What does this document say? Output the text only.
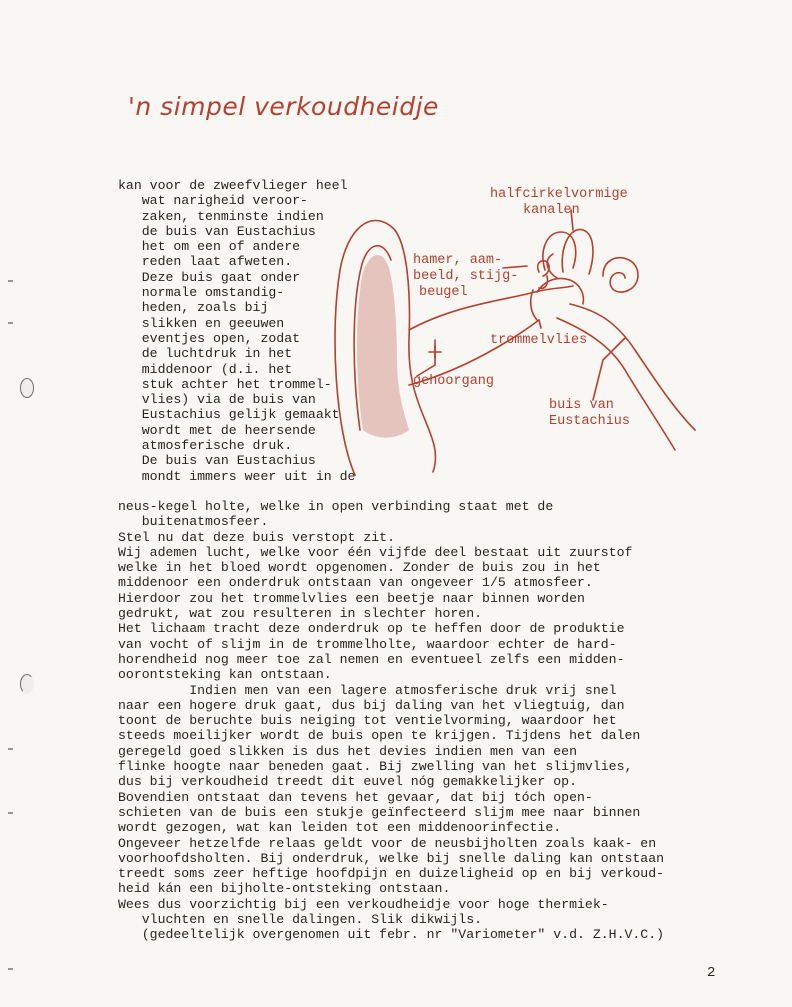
'n simpel verkoudheidje
halfcirkelvormige
kanalen
hamer, aam-
beeld, stijg-
beugel
trommelvlies
gehoorgang
buis van
Eustachius
kan voor de zweefvlieger heel
wat narigheid veroor-
zaken, tenminste indien
de buis van Eustachius
het om een of andere
reden laat afweten.
Deze buis gaat onder
normale omstandig-
heden, zoals bij
slikken en geeuwen
eventjes open, zodat
de luchtdruk in het
middenoor (d.i. het
stuk achter het trommel-
vlies) via de buis van
Eustachius gelijk gemaakt
wordt met de heersende
atmosferische druk.
De buis van Eustachius
mondt immers weer uit in de
neus-kegel holte, welke in open verbinding staat met de
buitenatmosfeer.
Stel nu dat deze buis verstopt zit.
Wij ademen lucht, welke voor één vijfde deel bestaat uit zuurstof
welke in het bloed wordt opgenomen. Zonder de buis zou in het
middenoor een onderdruk ontstaan van ongeveer 1/5 atmosfeer.
Hierdoor zou het trommelvlies een beetje naar binnen worden
gedrukt, wat zou resulteren in slechter horen.
Het lichaam tracht deze onderdruk op te heffen door de produktie
van vocht of slijm in de trommelholte, waardoor echter de hard-
horendheid nog meer toe zal nemen en eventueel zelfs een midden-
oorontsteking kan ontstaan.
Indien men van een lagere atmosferische druk vrij snel
naar een hogere druk gaat, dus bij daling van het vliegtuig, dan
toont de beruchte buis neiging tot ventielvorming, waardoor het
steeds moeilijker wordt de buis open te krijgen. Tijdens het dalen
geregeld goed slikken is dus het devies indien men van een
flinke hoogte naar beneden gaat. Bij zwelling van het slijmvlies,
dus bij verkoudheid treedt dit euvel nóg gemakkelijker op.
Bovendien ontstaat dan tevens het gevaar, dat bij tóch open-
schieten van de buis een stukje geïnfecteerd slijm mee naar binnen
wordt gezogen, wat kan leiden tot een middenoorinfectie.
Ongeveer hetzelfde relaas geldt voor de neusbijholten zoals kaak- en
voorhoofdsholten. Bij onderdruk, welke bij snelle daling kan ontstaan
treedt soms zeer heftige hoofdpijn en duizeligheid op en bij verkoud-
heid kán een bijholte-ontsteking ontstaan.
Wees dus voorzichtig bij een verkoudheidje voor hoge thermiek-
vluchten en snelle dalingen. Slik dikwijls.
(gedeeltelijk overgenomen uit febr. nr "Variometer" v.d. Z.H.V.C.)
2
